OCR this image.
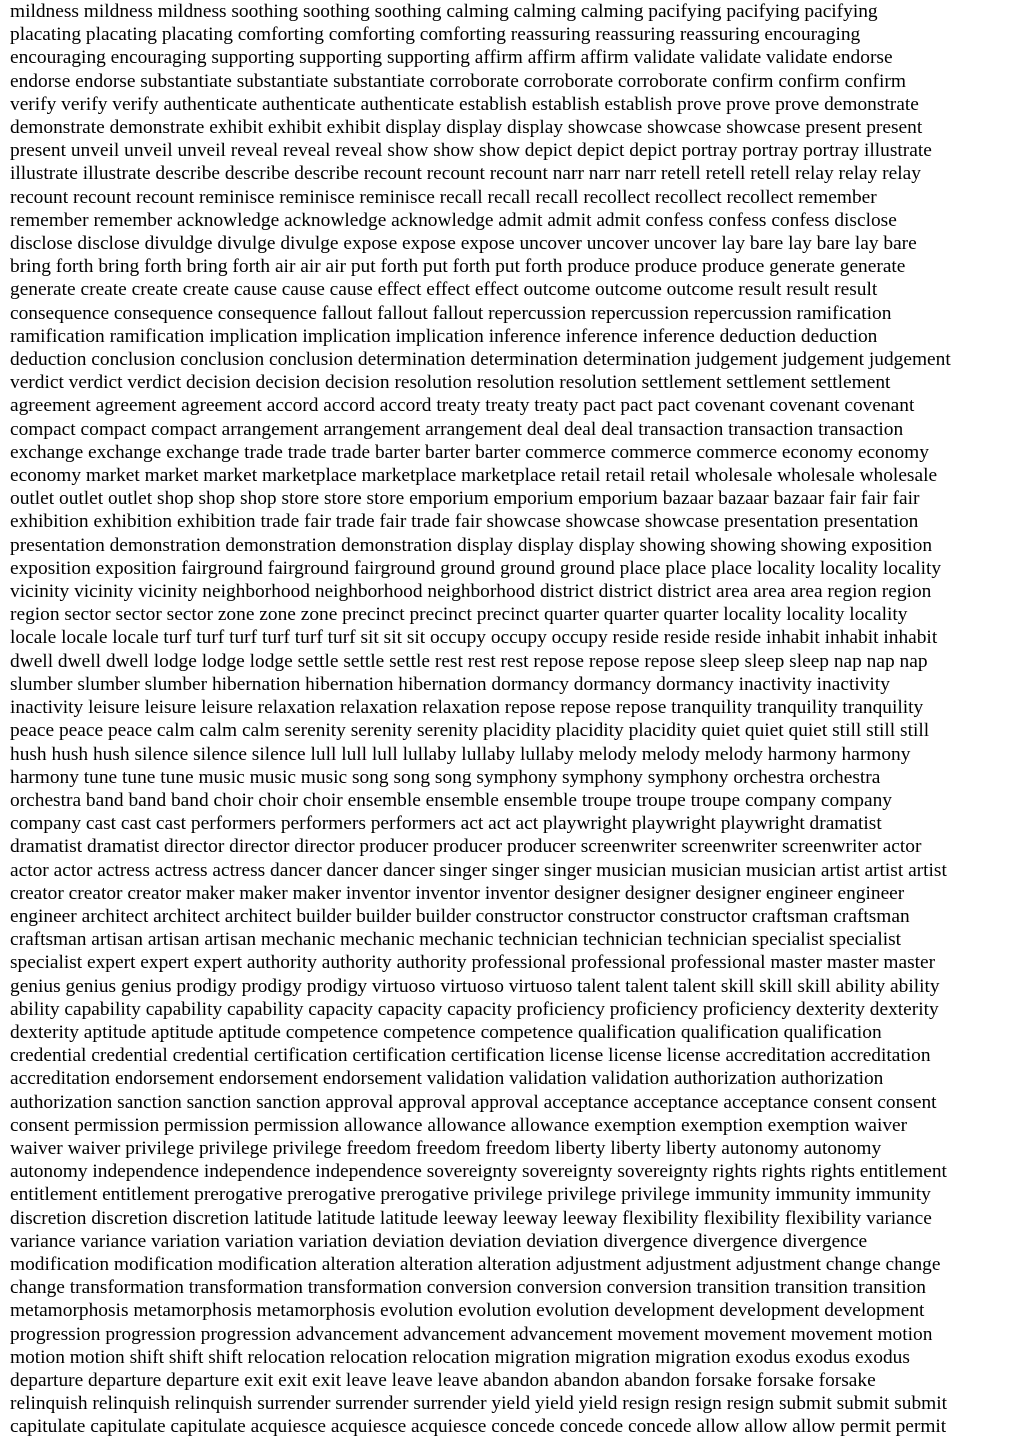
mildness mildness mildness soothing soothing soothing calming calming calming pacifying pacifying pacifying
placating placating placating comforting comforting comforting reassuring reassuring reassuring encouraging
encouraging encouraging supporting supporting supporting affirm affirm affirm validate validate validate endorse
endorse endorse substantiate substantiate substantiate corroborate corroborate corroborate confirm confirm confirm
verify verify verify authenticate authenticate authenticate establish establish establish prove prove prove demonstrate
demonstrate demonstrate exhibit exhibit exhibit display display display showcase showcase showcase present present
present unveil unveil unveil reveal reveal reveal show show show depict depict depict portray portray portray illustrate
illustrate illustrate describe describe describe recount recount recount narr narr narr retell retell retell relay relay relay
recount recount recount reminisce reminisce reminisce recall recall recall recollect recollect recollect remember
remember remember acknowledge acknowledge acknowledge admit admit admit confess confess confess disclose
disclose disclose divuldge divulge divulge expose expose expose uncover uncover uncover lay bare lay bare lay bare
bring forth bring forth bring forth air air air put forth put forth put forth produce produce produce generate generate
generate create create create cause cause cause effect effect effect outcome outcome outcome result result result
consequence consequence consequence fallout fallout fallout repercussion repercussion repercussion ramification
ramification ramification implication implication implication inference inference inference deduction deduction
deduction conclusion conclusion conclusion determination determination determination judgement judgement judgement
verdict verdict verdict decision decision decision resolution resolution resolution settlement settlement settlement
agreement agreement agreement accord accord accord treaty treaty treaty pact pact pact covenant covenant covenant
compact compact compact arrangement arrangement arrangement deal deal deal transaction transaction transaction
exchange exchange exchange trade trade trade barter barter barter commerce commerce commerce economy economy
economy market market market marketplace marketplace marketplace retail retail retail wholesale wholesale wholesale
outlet outlet outlet shop shop shop store store store emporium emporium emporium bazaar bazaar bazaar fair fair fair
exhibition exhibition exhibition trade fair trade fair trade fair showcase showcase showcase presentation presentation
presentation demonstration demonstration demonstration display display display showing showing showing exposition
exposition exposition fairground fairground fairground ground ground ground place place place locality locality locality
vicinity vicinity vicinity neighborhood neighborhood neighborhood district district district area area area region region
region sector sector sector zone zone zone precinct precinct precinct quarter quarter quarter locality locality locality
locale locale locale turf turf turf turf turf turf sit sit sit occupy occupy occupy reside reside reside inhabit inhabit inhabit
dwell dwell dwell lodge lodge lodge settle settle settle rest rest rest repose repose repose sleep sleep sleep nap nap nap
slumber slumber slumber hibernation hibernation hibernation dormancy dormancy dormancy inactivity inactivity
inactivity leisure leisure leisure relaxation relaxation relaxation repose repose repose tranquility tranquility tranquility
peace peace peace calm calm calm serenity serenity serenity placidity placidity placidity quiet quiet quiet still still still
hush hush hush silence silence silence lull lull lull lullaby lullaby lullaby melody melody melody harmony harmony
harmony tune tune tune music music music song song song symphony symphony symphony orchestra orchestra
orchestra band band band choir choir choir ensemble ensemble ensemble troupe troupe troupe company company
company cast cast cast performers performers performers act act act playwright playwright playwright dramatist
dramatist dramatist director director director producer producer producer screenwriter screenwriter screenwriter actor
actor actor actress actress actress dancer dancer dancer singer singer singer musician musician musician artist artist artist
creator creator creator maker maker maker inventor inventor inventor designer designer designer engineer engineer
engineer architect architect architect builder builder builder constructor constructor constructor craftsman craftsman
craftsman artisan artisan artisan mechanic mechanic mechanic technician technician technician specialist specialist
specialist expert expert expert authority authority authority professional professional professional master master master
genius genius genius prodigy prodigy prodigy virtuoso virtuoso virtuoso talent talent talent skill skill skill ability ability
ability capability capability capability capacity capacity capacity proficiency proficiency proficiency dexterity dexterity
dexterity aptitude aptitude aptitude competence competence competence qualification qualification qualification
credential credential credential certification certification certification license license license accreditation accreditation
accreditation endorsement endorsement endorsement validation validation validation authorization authorization
authorization sanction sanction sanction approval approval approval acceptance acceptance acceptance consent consent
consent permission permission permission allowance allowance allowance exemption exemption exemption waiver
waiver waiver privilege privilege privilege freedom freedom freedom liberty liberty liberty autonomy autonomy
autonomy independence independence independence sovereignty sovereignty sovereignty rights rights rights entitlement
entitlement entitlement prerogative prerogative prerogative privilege privilege privilege immunity immunity immunity
discretion discretion discretion latitude latitude latitude leeway leeway leeway flexibility flexibility flexibility variance
variance variance variation variation variation deviation deviation deviation divergence divergence divergence
modification modification modification alteration alteration alteration adjustment adjustment adjustment change change
change transformation transformation transformation conversion conversion conversion transition transition transition
metamorphosis metamorphosis metamorphosis evolution evolution evolution development development development
progression progression progression advancement advancement advancement movement movement movement motion
motion motion shift shift shift relocation relocation relocation migration migration migration exodus exodus exodus
departure departure departure exit exit exit leave leave leave abandon abandon abandon forsake forsake forsake
relinquish relinquish relinquish surrender surrender surrender yield yield yield resign resign resign submit submit submit
capitulate capitulate capitulate acquiesce acquiesce acquiesce concede concede concede allow allow allow permit permit
